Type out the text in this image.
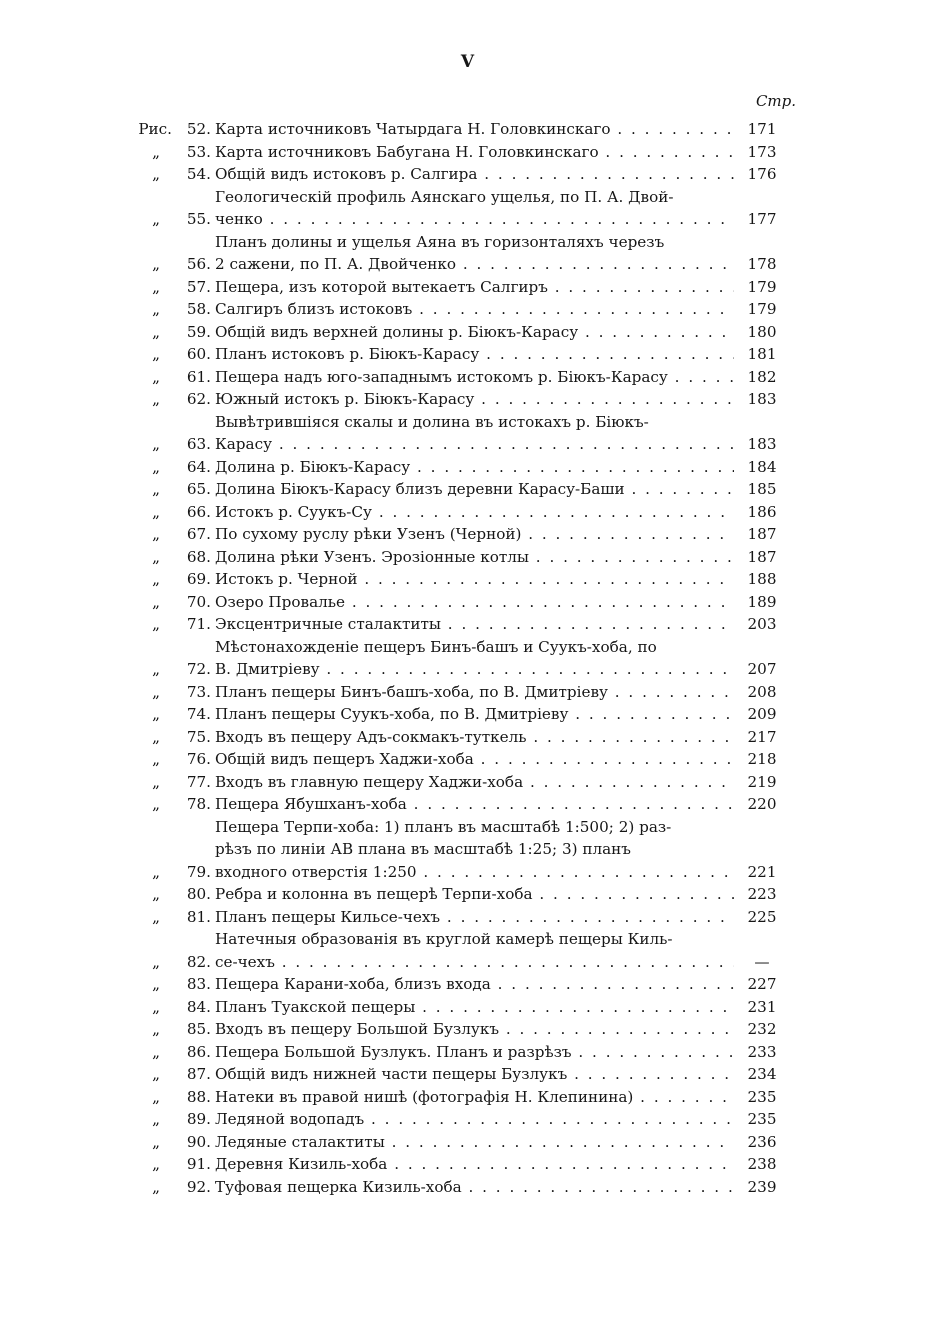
V
Стр.
Рис. 52. Карта источниковъ Чатырдага Н. Головкинскаго . . .	171
„	53. Карта источниковъ Бабугана Н. Головкинскаго . . .	173
„	54. Общій видъ истоковъ р. Салгира . . .	176
„	55.
Геологическій профиль Аянскаго ущелья, по П. А. Двой-
ченко . . .	177
„	56.
Планъ долины и ущелья Аяна въ горизонталяхъ черезъ
2 сажени, по П. А. Двойченко . . .	178
„	57. Пещера, изъ которой вытекаетъ Салгиръ . . .	179
„	58. Салгиръ близъ истоковъ . . .	179
„	59. Общій видъ верхней долины р. Біюкъ-Карасу . . .	180
„	60. Планъ истоковъ р. Біюкъ-Карасу . . .	181
„	61. Пещера надъ юго-западнымъ истокомъ р. Біюкъ-Карасу . . .	182
„	62. Южный истокъ р. Біюкъ-Карасу . . .	183
„	63.
Вывѣтрившіяся скалы и долина въ истокахъ р. Біюкъ-
Карасу . . .	183
„	64. Долина р. Біюкъ-Карасу . . .	184
„	65. Долина Біюкъ-Карасу близъ деревни Карасу-Баши . . .	185
„	66. Истокъ р. Суукъ-Су . . .	186
„	67. По сухому руслу рѣки Узенъ (Черной) . . .	187
„	68. Долина рѣки Узенъ. Эрозіонные котлы . . .	187
„	69. Истокъ р. Черной . . .	188
„	70. Озеро Провалье . . .	189
„	71. Эксцентричные сталактиты . . .	203
„	72.
Мѣстонахожденіе пещеръ Бинъ-башъ и Суукъ-хоба, по
В. Дмитріеву . . .	207
„	73. Планъ пещеры Бинъ-башъ-хоба, по В. Дмитріеву . . .	208
„	74. Планъ пещеры Суукъ-хоба, по В. Дмитріеву . . .	209
„	75. Входъ въ пещеру Адъ-сокмакъ-туткель . . .	217
„	76. Общій видъ пещеръ Хаджи-хоба . . .	218
„	77. Входъ въ главную пещеру Хаджи-хоба . . .	219
„	78. Пещера Ябушханъ-хоба . . .	220
„	79.
Пещера Терпи-хоба: 1) планъ въ масштабѣ 1:500; 2) раз-
рѣзъ по линіи АВ плана въ масштабѣ 1:25; 3) планъ
входного отверстія 1:250 . . .	221
„	80. Ребра и колонна въ пещерѣ Терпи-хоба . . .	223
„	81. Планъ пещеры Кильсе-чехъ . . .	225
„	82.
Натечныя образованія въ круглой камерѣ пещеры Киль-
се-чехъ . . .	—
„	83. Пещера Карани-хоба, близъ входа . . .	227
„	84. Планъ Туакской пещеры . . .	231
„	85. Входъ въ пещеру Большой Бузлукъ . . .	232
„	86. Пещера Большой Бузлукъ. Планъ и разрѣзъ . . .	233
„	87. Общій видъ нижней части пещеры Бузлукъ . . .	234
„	88. Натеки въ правой нишѣ (фотографія Н. Клепинина) . . .	235
„	89. Ледяной водопадъ . . .	235
„	90. Ледяные сталактиты . . .	236
„	91. Деревня Кизиль-хоба . . .	238
„	92. Туфовая пещерка Кизиль-хоба . . .	239
